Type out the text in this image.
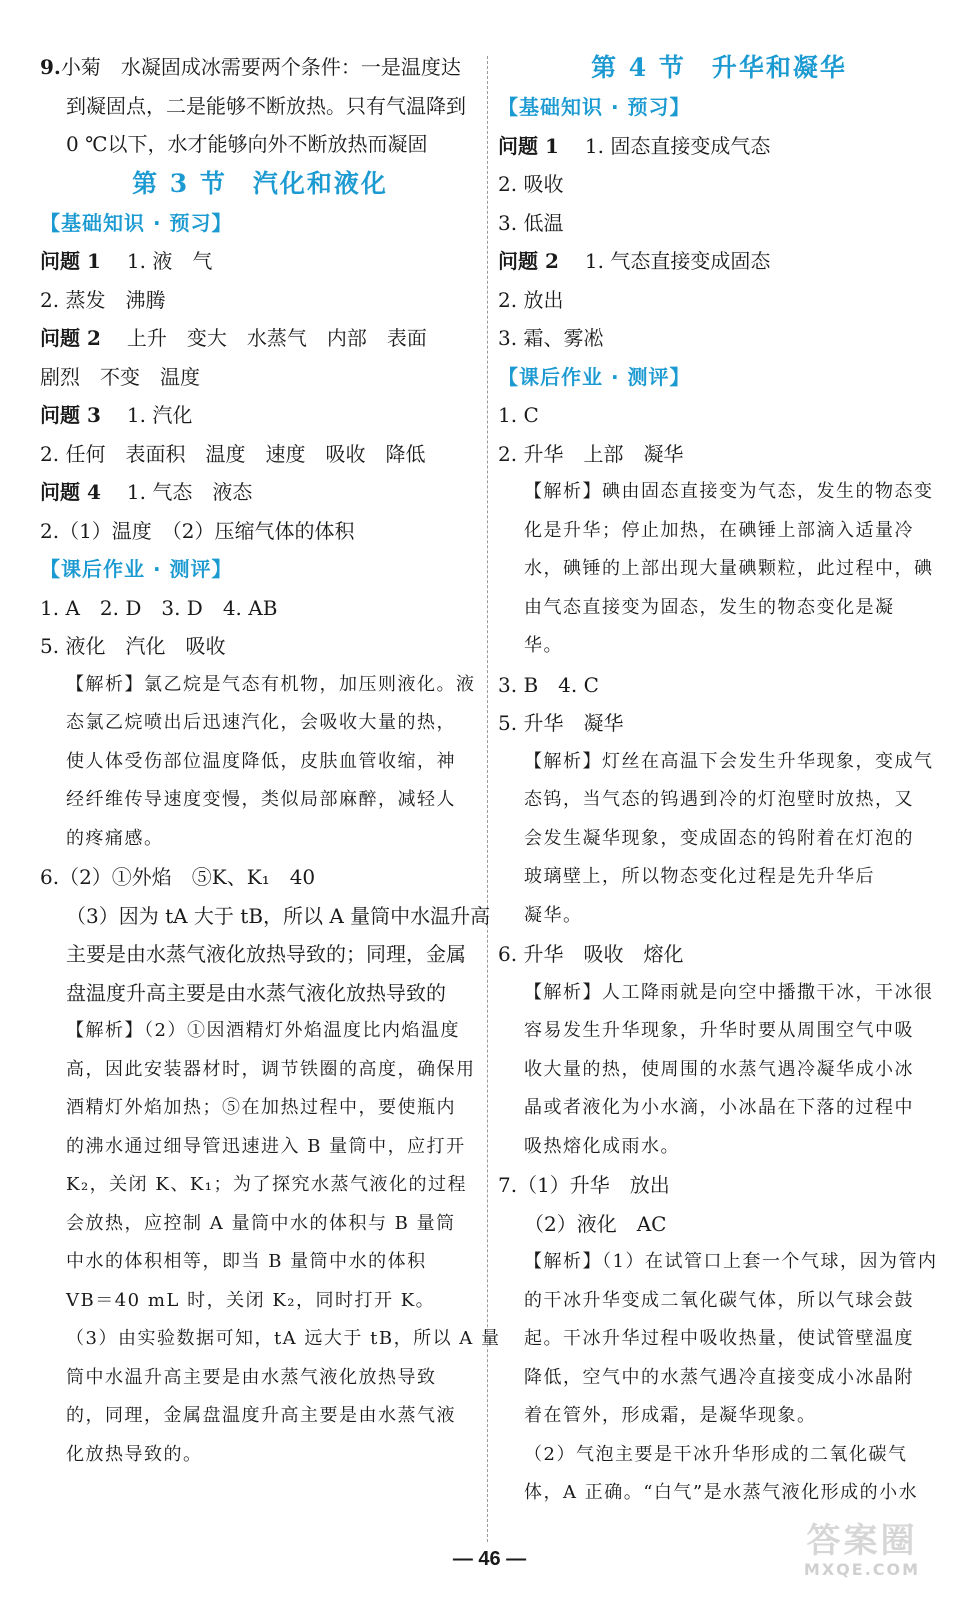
9.小菊　水凝固成冰需要两个条件：一是温度达
到凝固点，二是能够不断放热。只有气温降到
0 ℃以下，水才能够向外不断放热而凝固
第 3 节 汽化和液化
【基础知识 · 预习】
问题 1 1. 液　气
2. 蒸发　沸腾
问题 2 上升　变大　水蒸气　内部　表面
剧烈　不变　温度
问题 3 1. 汽化
2. 任何　表面积　温度　速度　吸收　降低
问题 4 1. 气态　液态
2.（1）温度　（2）压缩气体的体积
【课后作业 · 测评】
1. A　2. D　3. D　4. AB
5. 液化　汽化　吸收
【解析】氯乙烷是气态有机物，加压则液化。液
态氯乙烷喷出后迅速汽化，会吸收大量的热，
使人体受伤部位温度降低，皮肤血管收缩，神
经纤维传导速度变慢，类似局部麻醉，减轻人
的疼痛感。
6.（2）①外焰　⑤K、K₁　40
（3）因为 tA 大于 tB，所以 A 量筒中水温升高
主要是由水蒸气液化放热导致的；同理，金属
盘温度升高主要是由水蒸气液化放热导致的
【解析】（2）①因酒精灯外焰温度比内焰温度
高，因此安装器材时，调节铁圈的高度，确保用
酒精灯外焰加热；⑤在加热过程中，要使瓶内
的沸水通过细导管迅速进入 B 量筒中，应打开
K₂，关闭 K、K₁；为了探究水蒸气液化的过程
会放热，应控制 A 量筒中水的体积与 B 量筒
中水的体积相等，即当 B 量筒中水的体积
VB＝40 mL 时，关闭 K₂，同时打开 K。
（3）由实验数据可知，tA 远大于 tB，所以 A 量
筒中水温升高主要是由水蒸气液化放热导致
的，同理，金属盘温度升高主要是由水蒸气液
化放热导致的。
第 4 节 升华和凝华
【基础知识 · 预习】
问题 1 1. 固态直接变成气态
2. 吸收
3. 低温
问题 2 1. 气态直接变成固态
2. 放出
3. 霜、雾凇
【课后作业 · 测评】
1. C
2. 升华　上部　凝华
【解析】碘由固态直接变为气态，发生的物态变
化是升华；停止加热，在碘锤上部滴入适量冷
水，碘锤的上部出现大量碘颗粒，此过程中，碘
由气态直接变为固态，发生的物态变化是凝
华。
3. B　4. C
5. 升华　凝华
【解析】灯丝在高温下会发生升华现象，变成气
态钨，当气态的钨遇到冷的灯泡壁时放热，又
会发生凝华现象，变成固态的钨附着在灯泡的
玻璃壁上，所以物态变化过程是先升华后
凝华。
6. 升华　吸收　熔化
【解析】人工降雨就是向空中播撒干冰，干冰很
容易发生升华现象，升华时要从周围空气中吸
收大量的热，使周围的水蒸气遇冷凝华成小冰
晶或者液化为小水滴，小冰晶在下落的过程中
吸热熔化成雨水。
7.（1）升华　放出
（2）液化　AC
【解析】（1）在试管口上套一个气球，因为管内
的干冰升华变成二氧化碳气体，所以气球会鼓
起。干冰升华过程中吸收热量，使试管壁温度
降低，空气中的水蒸气遇冷直接变成小冰晶附
着在管外，形成霜，是凝华现象。
（2）气泡主要是干冰升华形成的二氧化碳气
体，A 正确。“白气”是水蒸气液化形成的小水
— 46 —	答案圈
MXQE.COM
